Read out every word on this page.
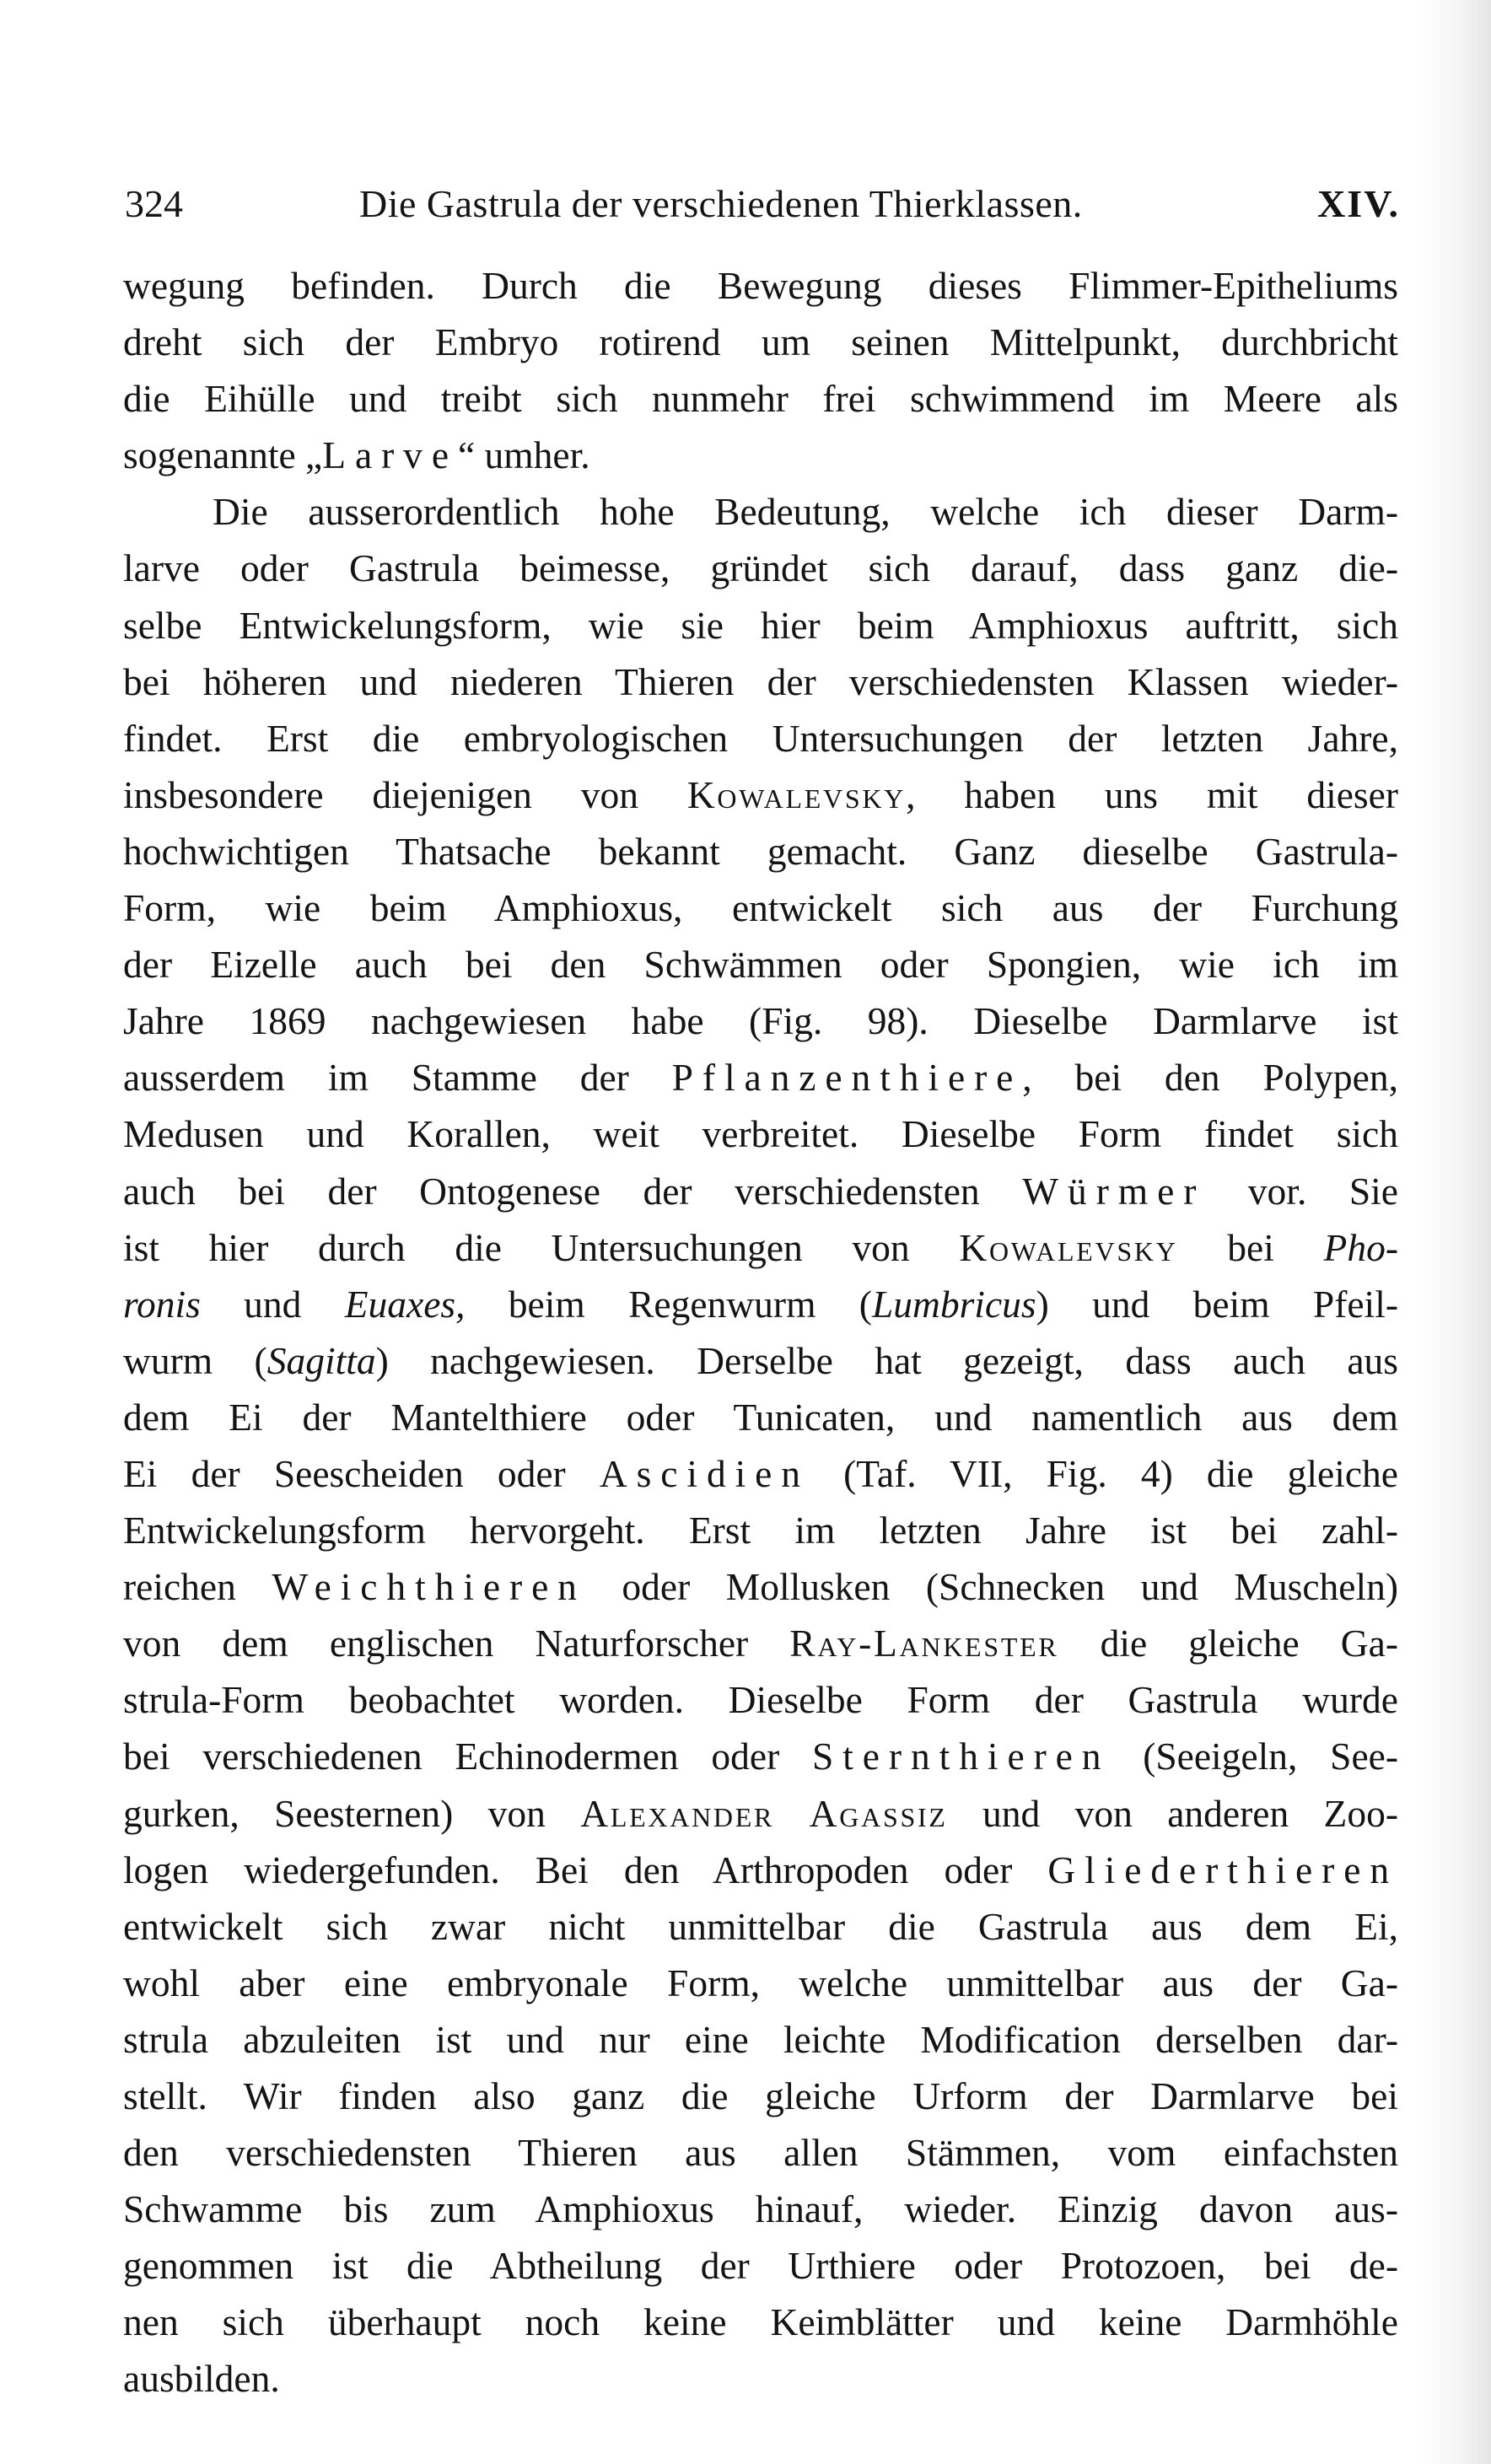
324	Die Gastrula der verschiedenen Thierklassen.	XIV.
wegung befinden. Durch die Bewegung dieses Flimmer-Epitheliums
dreht sich der Embryo rotirend um seinen Mittelpunkt, durchbricht
die Eihülle und treibt sich nunmehr frei schwimmend im Meere als
sogenannte „Larve“ umher.
Die ausserordentlich hohe Bedeutung, welche ich dieser Darm-
larve oder Gastrula beimesse, gründet sich darauf, dass ganz die-
selbe Entwickelungsform, wie sie hier beim Amphioxus auftritt, sich
bei höheren und niederen Thieren der verschiedensten Klassen wieder-
findet. Erst die embryologischen Untersuchungen der letzten Jahre,
insbesondere diejenigen von Kowalevsky, haben uns mit dieser
hochwichtigen Thatsache bekannt gemacht. Ganz dieselbe Gastrula-
Form, wie beim Amphioxus, entwickelt sich aus der Furchung
der Eizelle auch bei den Schwämmen oder Spongien, wie ich im
Jahre 1869 nachgewiesen habe (Fig. 98). Dieselbe Darmlarve ist
ausserdem im Stamme der Pflanzenthiere, bei den Polypen,
Medusen und Korallen, weit verbreitet. Dieselbe Form findet sich
auch bei der Ontogenese der verschiedensten Würmer vor. Sie
ist hier durch die Untersuchungen von Kowalevsky bei Pho-
ronis und Euaxes, beim Regenwurm (Lumbricus) und beim Pfeil-
wurm (Sagitta) nachgewiesen. Derselbe hat gezeigt, dass auch aus
dem Ei der Mantelthiere oder Tunicaten, und namentlich aus dem
Ei der Seescheiden oder Ascidien (Taf. VII, Fig. 4) die gleiche
Entwickelungsform hervorgeht. Erst im letzten Jahre ist bei zahl-
reichen Weichthieren oder Mollusken (Schnecken und Muscheln)
von dem englischen Naturforscher Ray-Lankester die gleiche Ga-
strula-Form beobachtet worden. Dieselbe Form der Gastrula wurde
bei verschiedenen Echinodermen oder Sternthieren (Seeigeln, See-
gurken, Seesternen) von Alexander Agassiz und von anderen Zoo-
logen wiedergefunden. Bei den Arthropoden oder Gliederthieren
entwickelt sich zwar nicht unmittelbar die Gastrula aus dem Ei,
wohl aber eine embryonale Form, welche unmittelbar aus der Ga-
strula abzuleiten ist und nur eine leichte Modification derselben dar-
stellt. Wir finden also ganz die gleiche Urform der Darmlarve bei
den verschiedensten Thieren aus allen Stämmen, vom einfachsten
Schwamme bis zum Amphioxus hinauf, wieder. Einzig davon aus-
genommen ist die Abtheilung der Urthiere oder Protozoen, bei de-
nen sich überhaupt noch keine Keimblätter und keine Darmhöhle
ausbilden.
